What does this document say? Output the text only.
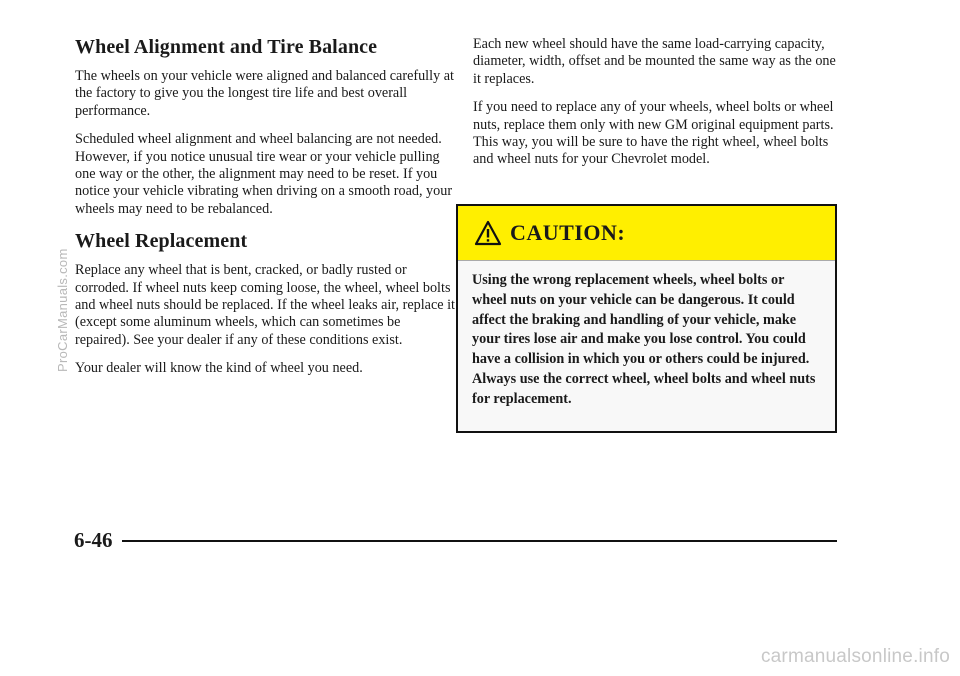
Wheel Alignment and Tire Balance

The wheels on your vehicle were aligned and balanced carefully at the factory to give you the longest tire life and best overall performance.

Scheduled wheel alignment and wheel balancing are not needed. However, if you notice unusual tire wear or your vehicle pulling one way or the other, the alignment may need to be reset. If you notice your vehicle vibrating when driving on a smooth road, your wheels may need to be rebalanced.

Wheel Replacement

Replace any wheel that is bent, cracked, or badly rusted or corroded. If wheel nuts keep coming loose, the wheel, wheel bolts and wheel nuts should be replaced. If the wheel leaks air, replace it (except some aluminum wheels, which can sometimes be repaired). See your dealer if any of these conditions exist.

Your dealer will know the kind of wheel you need.

Each new wheel should have the same load-carrying capacity, diameter, width, offset and be mounted the same way as the one it replaces.

If you need to replace any of your wheels, wheel bolts or wheel nuts, replace them only with new GM original equipment parts. This way, you will be sure to have the right wheel, wheel bolts and wheel nuts for your Chevrolet model.

CAUTION:
Using the wrong replacement wheels, wheel bolts or wheel nuts on your vehicle can be dangerous. It could affect the braking and handling of your vehicle, make your tires lose air and make you lose control. You could have a collision in which you or others could be injured. Always use the correct wheel, wheel bolts and wheel nuts for replacement.
6-46
ProCarManuals.com
carmanualsonline.info
